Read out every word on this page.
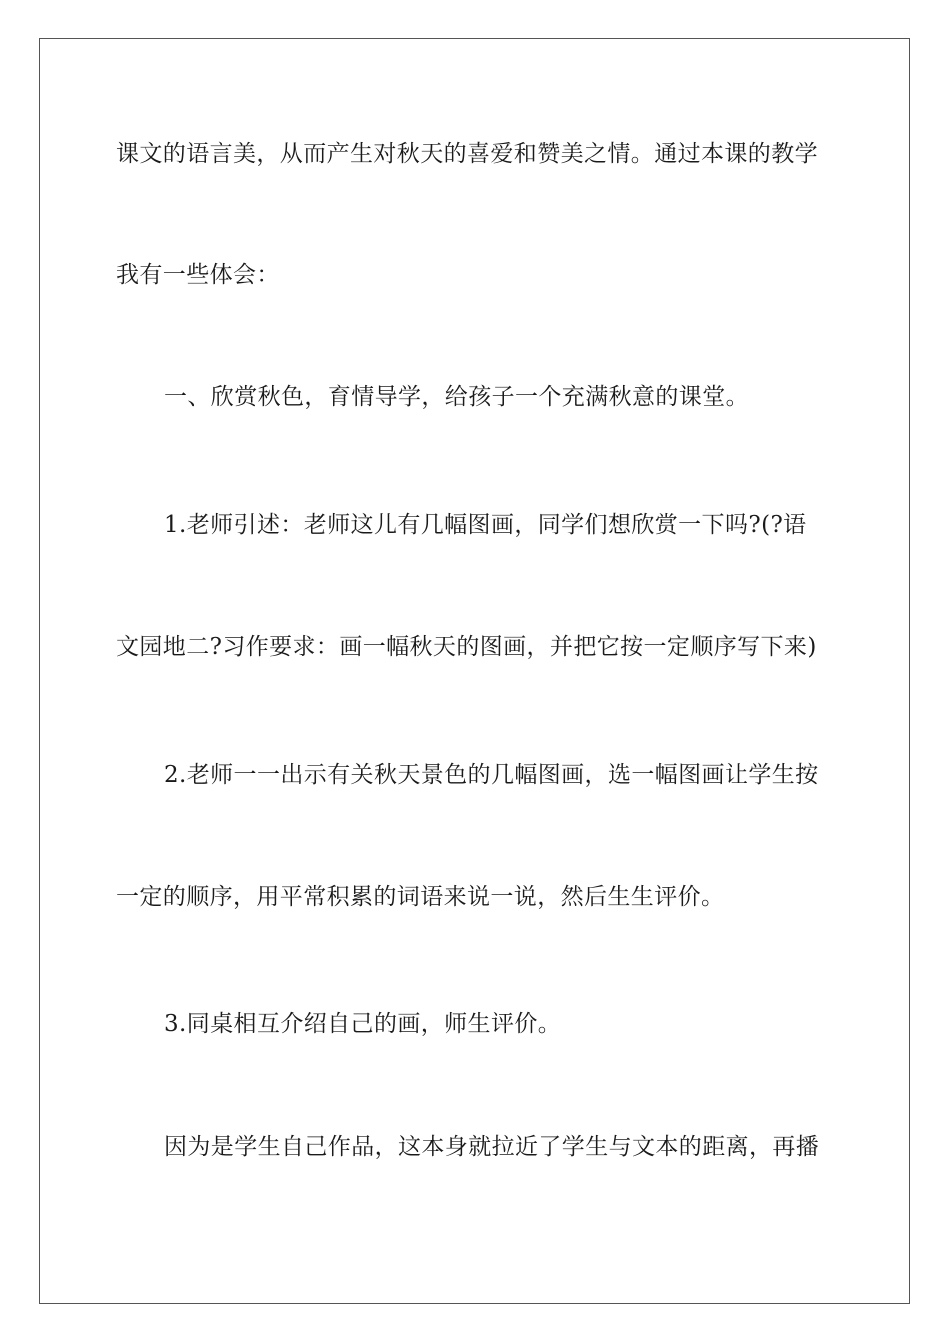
课文的语言美，从而产生对秋天的喜爱和赞美之情。通过本课的教学
我有一些体会：
一、欣赏秋色，育情导学，给孩子一个充满秋意的课堂。
1.老师引述：老师这儿有几幅图画，同学们想欣赏一下吗?(?语
文园地二?习作要求：画一幅秋天的图画，并把它按一定顺序写下来)
2.老师一一出示有关秋天景色的几幅图画，选一幅图画让学生按
一定的顺序，用平常积累的词语来说一说，然后生生评价。
3.同桌相互介绍自己的画，师生评价。
因为是学生自己作品，这本身就拉近了学生与文本的距离，再播
